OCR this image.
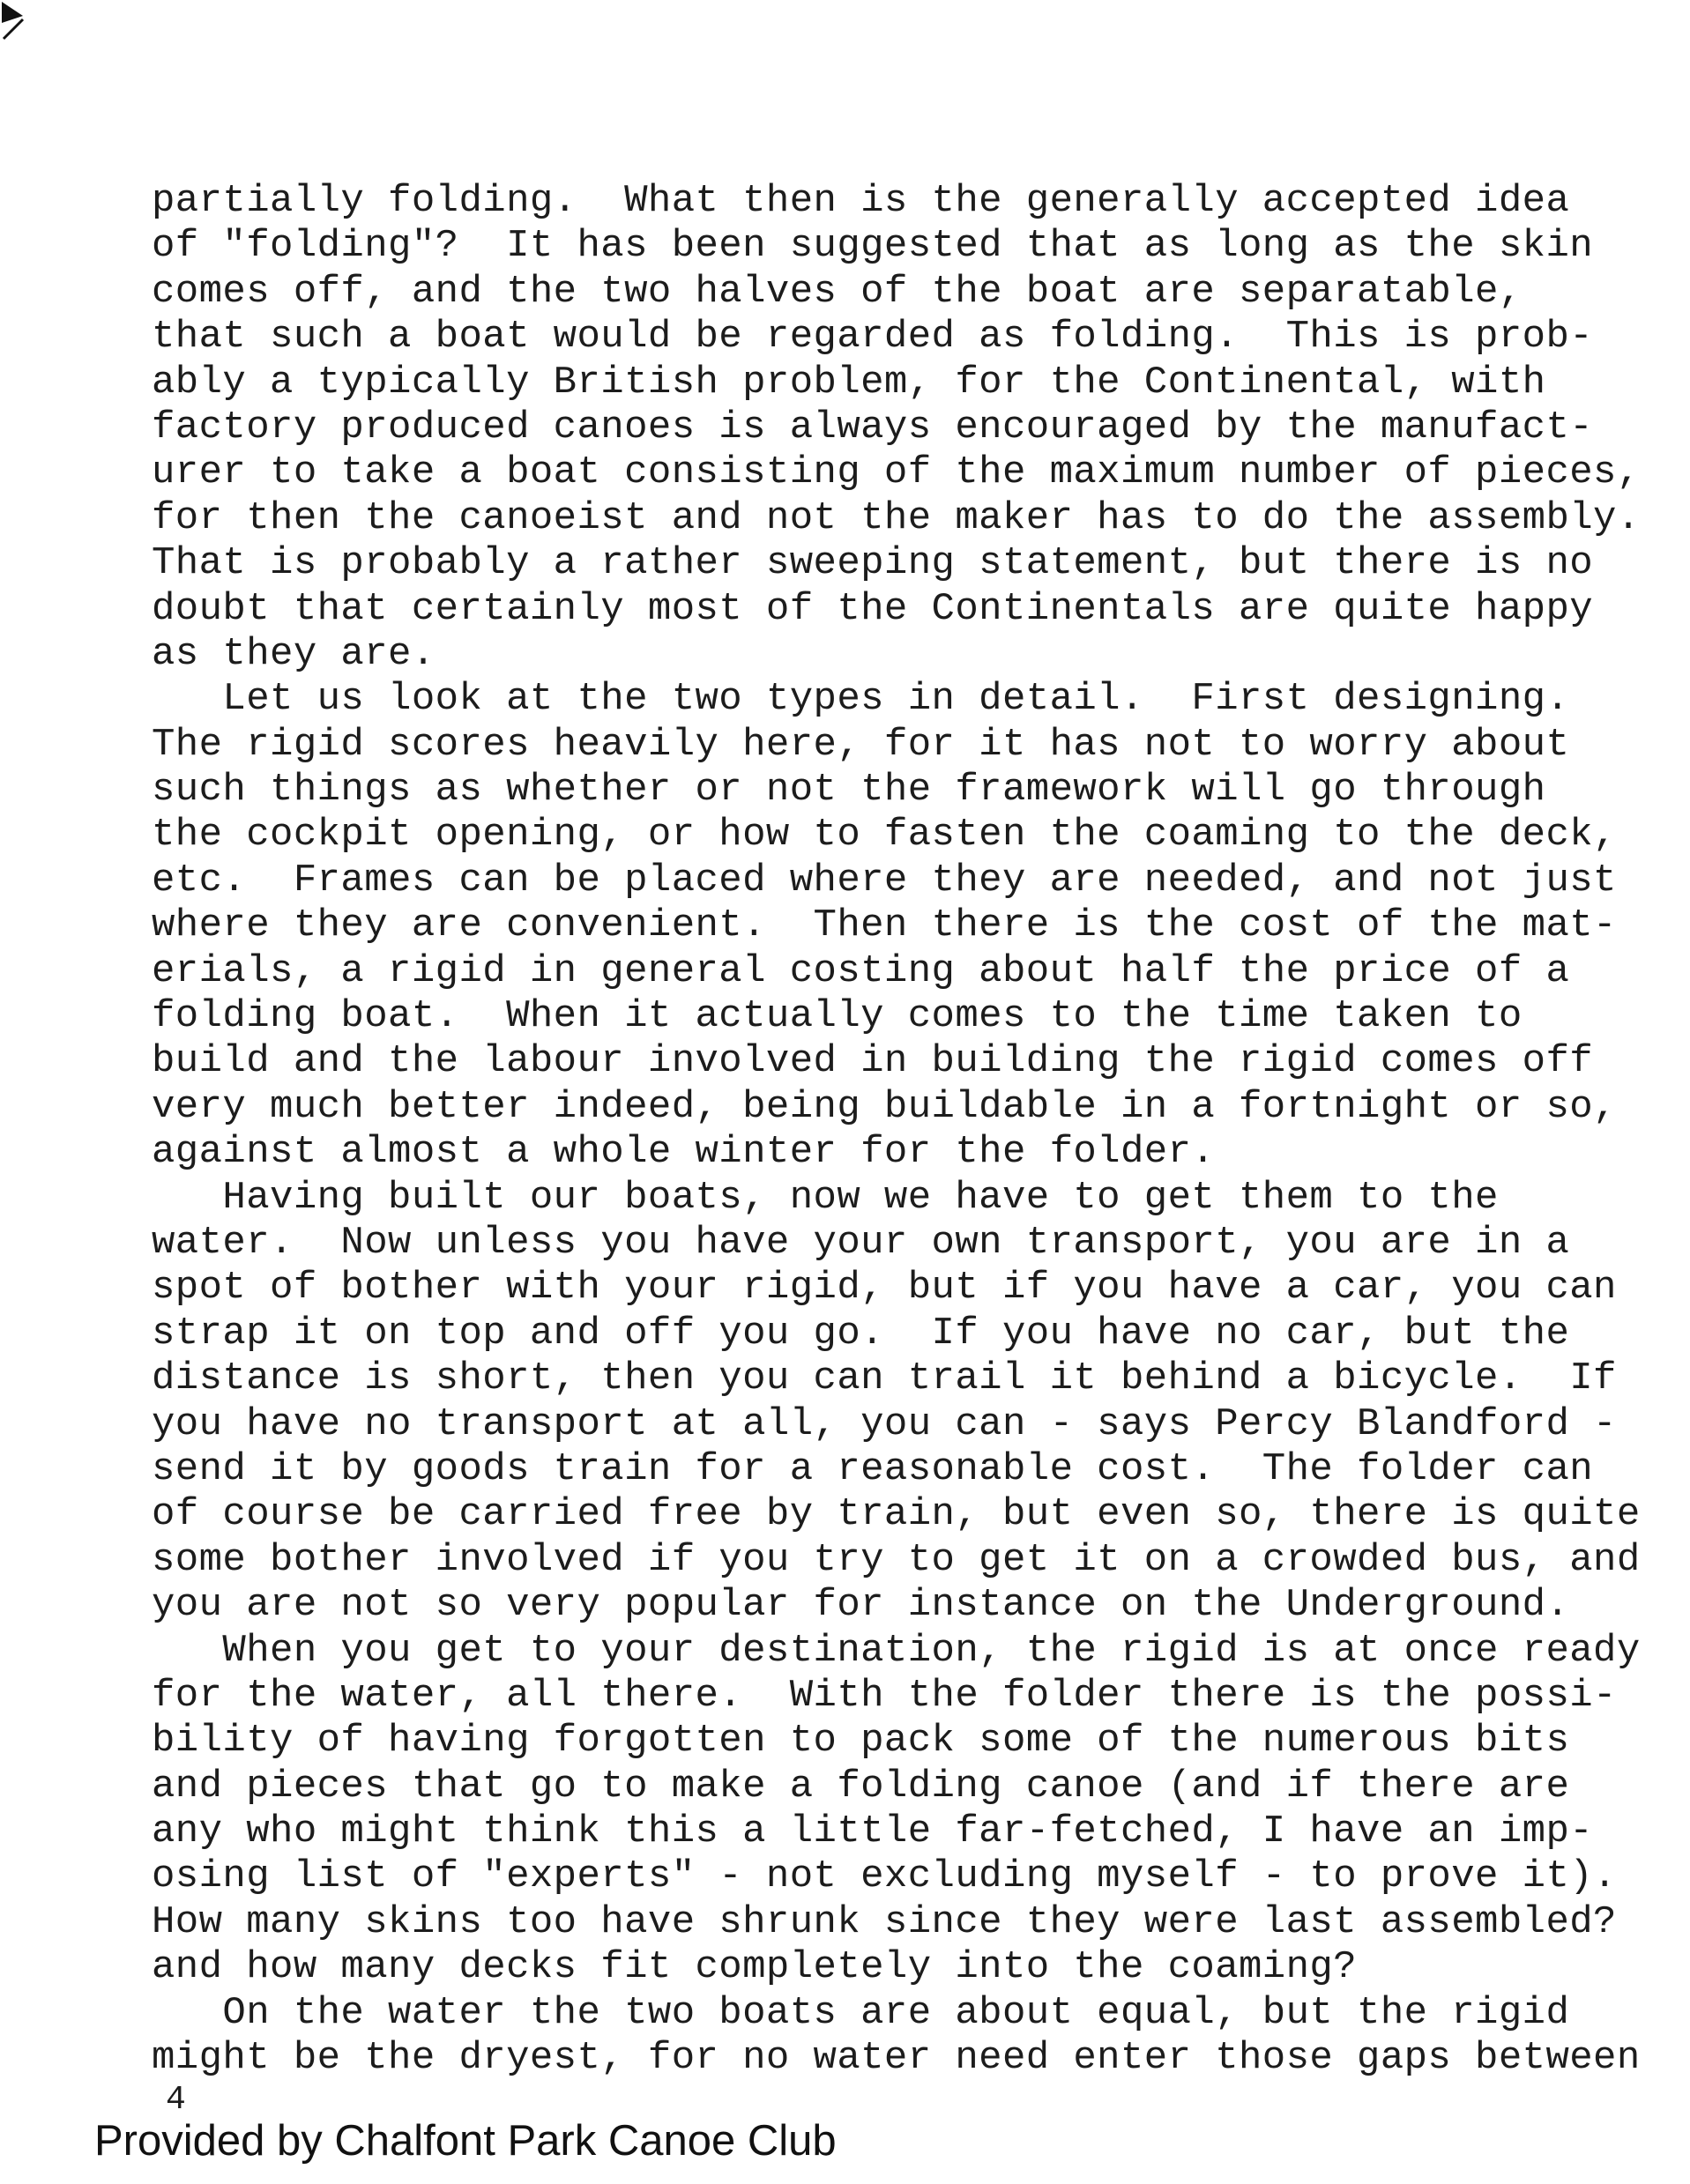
partially folding.  What then is the generally accepted idea
of "folding"?  It has been suggested that as long as the skin
comes off, and the two halves of the boat are separatable,
that such a boat would be regarded as folding.  This is prob-
ably a typically British problem, for the Continental, with
factory produced canoes is always encouraged by the manufact-
urer to take a boat consisting of the maximum number of pieces,
for then the canoeist and not the maker has to do the assembly.
That is probably a rather sweeping statement, but there is no
doubt that certainly most of the Continentals are quite happy
as they are.
Let us look at the two types in detail.  First designing.
The rigid scores heavily here, for it has not to worry about
such things as whether or not the framework will go through
the cockpit opening, or how to fasten the coaming to the deck,
etc.  Frames can be placed where they are needed, and not just
where they are convenient.  Then there is the cost of the mat-
erials, a rigid in general costing about half the price of a
folding boat.  When it actually comes to the time taken to
build and the labour involved in building the rigid comes off
very much better indeed, being buildable in a fortnight or so,
against almost a whole winter for the folder.
Having built our boats, now we have to get them to the
water.  Now unless you have your own transport, you are in a
spot of bother with your rigid, but if you have a car, you can
strap it on top and off you go.  If you have no car, but the
distance is short, then you can trail it behind a bicycle.  If
you have no transport at all, you can - says Percy Blandford -
send it by goods train for a reasonable cost.  The folder can
of course be carried free by train, but even so, there is quite
some bother involved if you try to get it on a crowded bus, and
you are not so very popular for instance on the Underground.
When you get to your destination, the rigid is at once ready
for the water, all there.  With the folder there is the possi-
bility of having forgotten to pack some of the numerous bits
and pieces that go to make a folding canoe (and if there are
any who might think this a little far-fetched, I have an imp-
osing list of "experts" - not excluding myself - to prove it).
How many skins too have shrunk since they were last assembled?
and how many decks fit completely into the coaming?
On the water the two boats are about equal, but the rigid
might be the dryest, for no water need enter those gaps between

4

Provided by Chalfont Park Canoe Club
